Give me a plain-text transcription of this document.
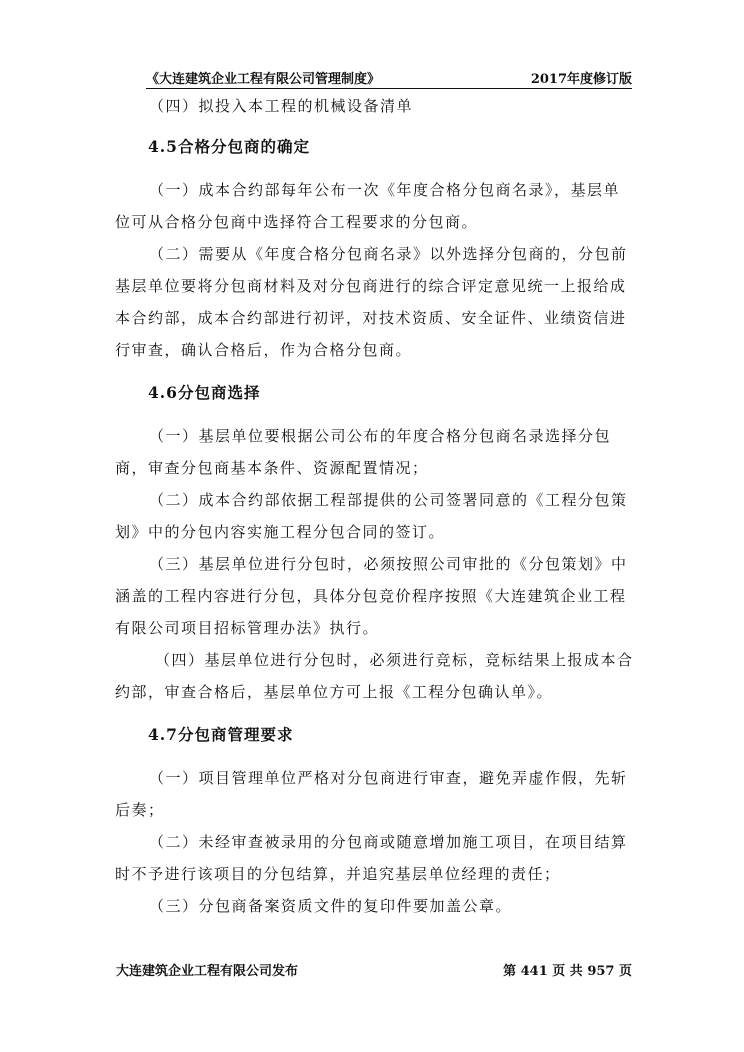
《大连建筑企业工程有限公司管理制度》	2017年度修订版

（四）拟投入本工程的机械设备清单

4.5合格分包商的确定

（一）成本合约部每年公布一次《年度合格分包商名录》，基层单位可从合格分包商中选择符合工程要求的分包商。

（二）需要从《年度合格分包商名录》以外选择分包商的，分包前基层单位要将分包商材料及对分包商进行的综合评定意见统一上报给成本合约部，成本合约部进行初评，对技术资质、安全证件、业绩资信进行审查，确认合格后，作为合格分包商。

4.6分包商选择

（一）基层单位要根据公司公布的年度合格分包商名录选择分包商，审查分包商基本条件、资源配置情况；

（二）成本合约部依据工程部提供的公司签署同意的《工程分包策划》中的分包内容实施工程分包合同的签订。

（三）基层单位进行分包时，必须按照公司审批的《分包策划》中涵盖的工程内容进行分包，具体分包竞价程序按照《大连建筑企业工程有限公司项目招标管理办法》执行。

（四）基层单位进行分包时，必须进行竞标，竞标结果上报成本合约部，审查合格后，基层单位方可上报《工程分包确认单》。

4.7分包商管理要求

（一）项目管理单位严格对分包商进行审查，避免弄虚作假，先斩后奏；

（二）未经审查被录用的分包商或随意增加施工项目，在项目结算时不予进行该项目的分包结算，并追究基层单位经理的责任；

（三）分包商备案资质文件的复印件要加盖公章。

大连建筑企业工程有限公司发布	第 441 页 共 957 页
